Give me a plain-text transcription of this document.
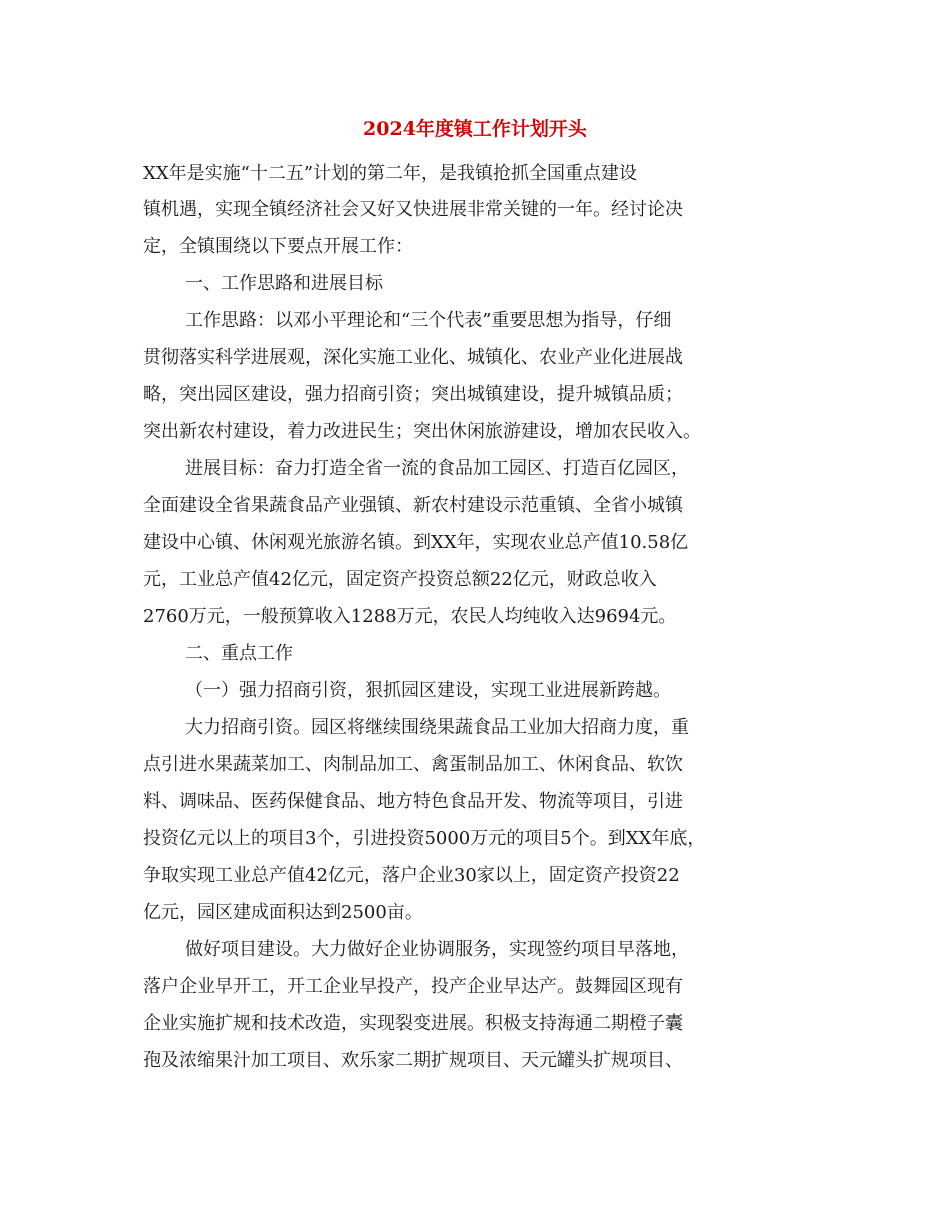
2024年度镇工作计划开头

XX年是实施“十二五”计划的第二年，是我镇抢抓全国重点建设

镇机遇，实现全镇经济社会又好又快进展非常关键的一年。经讨论决

定，全镇围绕以下要点开展工作：

一、工作思路和进展目标

工作思路：以邓小平理论和“三个代表”重要思想为指导，仔细

贯彻落实科学进展观，深化实施工业化、城镇化、农业产业化进展战

略，突出园区建设，强力招商引资；突出城镇建设，提升城镇品质；

突出新农村建设，着力改进民生；突出休闲旅游建设，增加农民收入。

进展目标：奋力打造全省一流的食品加工园区、打造百亿园区，

全面建设全省果蔬食品产业强镇、新农村建设示范重镇、全省小城镇

建设中心镇、休闲观光旅游名镇。到XX年，实现农业总产值10.58亿

元，工业总产值42亿元，固定资产投资总额22亿元，财政总收入

2760万元，一般预算收入1288万元，农民人均纯收入达9694元。

二、重点工作

（一）强力招商引资，狠抓园区建设，实现工业进展新跨越。

大力招商引资。园区将继续围绕果蔬食品工业加大招商力度，重

点引进水果蔬菜加工、肉制品加工、禽蛋制品加工、休闲食品、软饮

料、调味品、医药保健食品、地方特色食品开发、物流等项目，引进

投资亿元以上的项目3个，引进投资5000万元的项目5个。到XX年底，

争取实现工业总产值42亿元，落户企业30家以上，固定资产投资22

亿元，园区建成面积达到2500亩。

做好项目建设。大力做好企业协调服务，实现签约项目早落地，

落户企业早开工，开工企业早投产，投产企业早达产。鼓舞园区现有

企业实施扩规和技术改造，实现裂变进展。积极支持海通二期橙子囊

孢及浓缩果汁加工项目、欢乐家二期扩规项目、天元罐头扩规项目、
